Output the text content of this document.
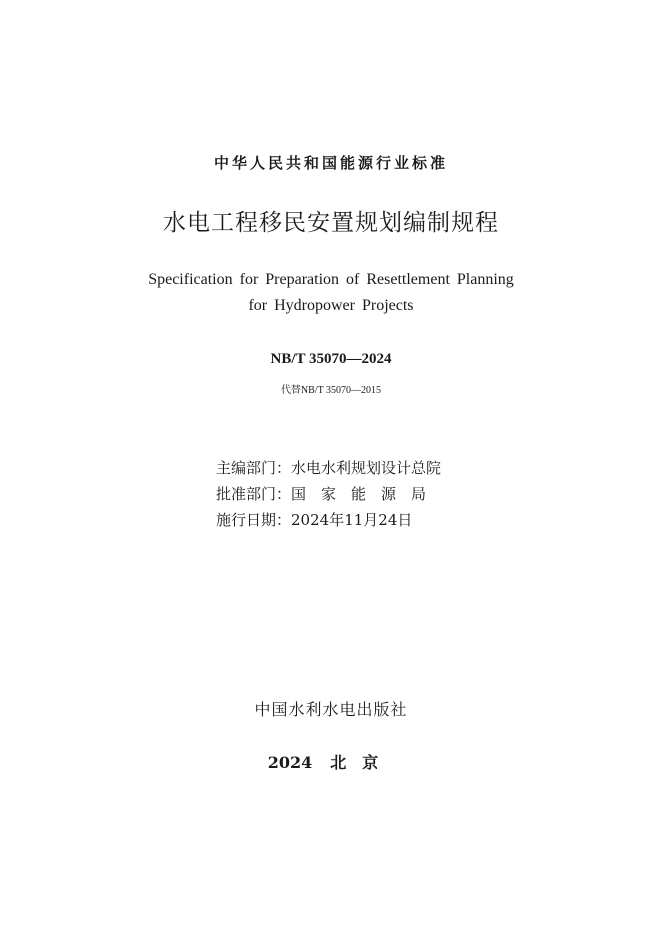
中华人民共和国能源行业标准
水电工程移民安置规划编制规程
Specification for Preparation of Resettlement Planning
for Hydropower Projects
NB/T 35070—2024
代替NB/T 35070—2015
主编部门：水电水利规划设计总院
批准部门：国家能源局
施行日期：2024年11月24日
中国水利水电出版社
2024 北京
